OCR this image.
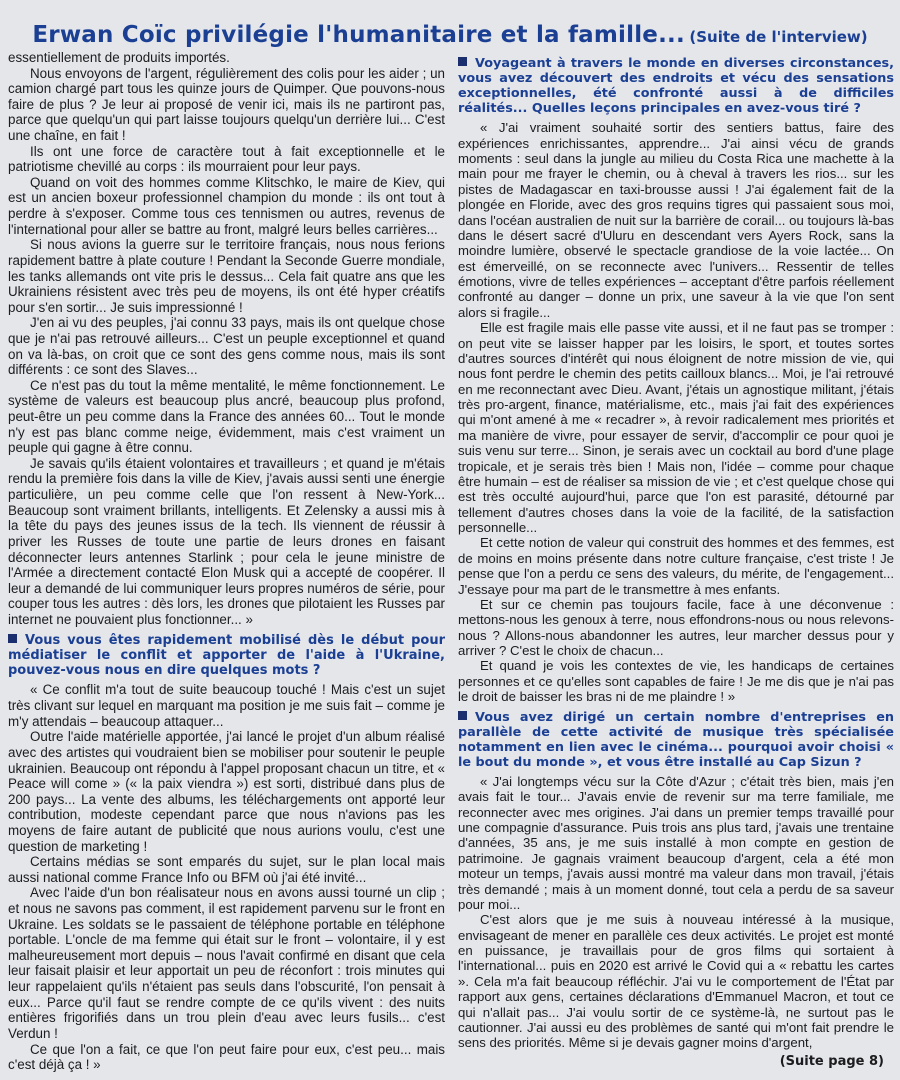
Erwan Coïc privilégie l'humanitaire et la famille... (Suite de l'interview)

essentiellement de produits importés.

Nous envoyons de l'argent, régulièrement des colis pour les aider ; un camion chargé part tous les quinze jours de Quimper. Que pouvons-nous faire de plus ? Je leur ai proposé de venir ici, mais ils ne partiront pas, parce que quelqu'un qui part laisse toujours quelqu'un derrière lui... C'est une chaîne, en fait !

Ils ont une force de caractère tout à fait exceptionnelle et le patriotisme chevillé au corps : ils mourraient pour leur pays.

Quand on voit des hommes comme Klitschko, le maire de Kiev, qui est un ancien boxeur professionnel champion du monde : ils ont tout à perdre à s'exposer. Comme tous ces tennismen ou autres, revenus de l'international pour aller se battre au front, malgré leurs belles carrières...

Si nous avions la guerre sur le territoire français, nous nous ferions rapidement battre à plate couture ! Pendant la Seconde Guerre mondiale, les tanks allemands ont vite pris le dessus... Cela fait quatre ans que les Ukrainiens résistent avec très peu de moyens, ils ont été hyper créatifs pour s'en sortir... Je suis impressionné !

J'en ai vu des peuples, j'ai connu 33 pays, mais ils ont quelque chose que je n'ai pas retrouvé ailleurs... C'est un peuple exceptionnel et quand on va là-bas, on croit que ce sont des gens comme nous, mais ils sont différents : ce sont des Slaves...

Ce n'est pas du tout la même mentalité, le même fonctionnement. Le système de valeurs est beaucoup plus ancré, beaucoup plus profond, peut-être un peu comme dans la France des années 60... Tout le monde n'y est pas blanc comme neige, évidemment, mais c'est vraiment un peuple qui gagne à être connu.

Je savais qu'ils étaient volontaires et travailleurs ; et quand je m'étais rendu la première fois dans la ville de Kiev, j'avais aussi senti une énergie particulière, un peu comme celle que l'on ressent à New-York... Beaucoup sont vraiment brillants, intelligents. Et Zelensky a aussi mis à la tête du pays des jeunes issus de la tech. Ils viennent de réussir à priver les Russes de toute une partie de leurs drones en faisant déconnecter leurs antennes Starlink ; pour cela le jeune ministre de l'Armée a directement contacté Elon Musk qui a accepté de coopérer. Il leur a demandé de lui communiquer leurs propres numéros de série, pour couper tous les autres : dès lors, les drones que pilotaient les Russes par internet ne pouvaient plus fonctionner... »

Vous vous êtes rapidement mobilisé dès le début pour médiatiser le conflit et apporter de l'aide à l'Ukraine, pouvez-vous nous en dire quelques mots ?

« Ce conflit m'a tout de suite beaucoup touché ! Mais c'est un sujet très clivant sur lequel en marquant ma position je me suis fait – comme je m'y attendais – beaucoup attaquer...

Outre l'aide matérielle apportée, j'ai lancé le projet d'un album réalisé avec des artistes qui voudraient bien se mobiliser pour soutenir le peuple ukrainien. Beaucoup ont répondu à l'appel proposant chacun un titre, et « Peace will come » (« la paix viendra ») est sorti, distribué dans plus de 200 pays... La vente des albums, les téléchargements ont apporté leur contribution, modeste cependant parce que nous n'avions pas les moyens de faire autant de publicité que nous aurions voulu, c'est une question de marketing !

Certains médias se sont emparés du sujet, sur le plan local mais aussi national comme France Info ou BFM où j'ai été invité...

Avec l'aide d'un bon réalisateur nous en avons aussi tourné un clip ; et nous ne savons pas comment, il est rapidement parvenu sur le front en Ukraine. Les soldats se le passaient de téléphone portable en téléphone portable. L'oncle de ma femme qui était sur le front – volontaire, il y est malheureusement mort depuis – nous l'avait confirmé en disant que cela leur faisait plaisir et leur apportait un peu de réconfort : trois minutes qui leur rappelaient qu'ils n'étaient pas seuls dans l'obscurité, l'on pensait à eux... Parce qu'il faut se rendre compte de ce qu'ils vivent : des nuits entières frigorifiés dans un trou plein d'eau avec leurs fusils... c'est Verdun !

Ce que l'on a fait, ce que l'on peut faire pour eux, c'est peu... mais c'est déjà ça ! »

Voyageant à travers le monde en diverses circonstances, vous avez découvert des endroits et vécu des sensations exceptionnelles, été confronté aussi à de difficiles réalités... Quelles leçons principales en avez-vous tiré ?

« J'ai vraiment souhaité sortir des sentiers battus, faire des expériences enrichissantes, apprendre... J'ai ainsi vécu de grands moments : seul dans la jungle au milieu du Costa Rica une machette à la main pour me frayer le chemin, ou à cheval à travers les rios... sur les pistes de Madagascar en taxi-brousse aussi ! J'ai également fait de la plongée en Floride, avec des gros requins tigres qui passaient sous moi, dans l'océan australien de nuit sur la barrière de corail... ou toujours là-bas dans le désert sacré d'Uluru en descendant vers Ayers Rock, sans la moindre lumière, observé le spectacle grandiose de la voie lactée... On est émerveillé, on se reconnecte avec l'univers... Ressentir de telles émotions, vivre de telles expériences – acceptant d'être parfois réellement confronté au danger – donne un prix, une saveur à la vie que l'on sent alors si fragile...

Elle est fragile mais elle passe vite aussi, et il ne faut pas se tromper : on peut vite se laisser happer par les loisirs, le sport, et toutes sortes d'autres sources d'intérêt qui nous éloignent de notre mission de vie, qui nous font perdre le chemin des petits cailloux blancs... Moi, je l'ai retrouvé en me reconnectant avec Dieu. Avant, j'étais un agnostique militant, j'étais très pro-argent, finance, matérialisme, etc., mais j'ai fait des expériences qui m'ont amené à me « recadrer », à revoir radicalement mes priorités et ma manière de vivre, pour essayer de servir, d'accomplir ce pour quoi je suis venu sur terre... Sinon, je serais avec un cocktail au bord d'une plage tropicale, et je serais très bien ! Mais non, l'idée – comme pour chaque être humain – est de réaliser sa mission de vie ; et c'est quelque chose qui est très occulté aujourd'hui, parce que l'on est parasité, détourné par tellement d'autres choses dans la voie de la facilité, de la satisfaction personnelle...

Et cette notion de valeur qui construit des hommes et des femmes, est de moins en moins présente dans notre culture française, c'est triste ! Je pense que l'on a perdu ce sens des valeurs, du mérite, de l'engagement... J'essaye pour ma part de le transmettre à mes enfants.

Et sur ce chemin pas toujours facile, face à une déconvenue : mettons-nous les genoux à terre, nous effondrons-nous ou nous relevons-nous ? Allons-nous abandonner les autres, leur marcher dessus pour y arriver ? C'est le choix de chacun...

Et quand je vois les contextes de vie, les handicaps de certaines personnes et ce qu'elles sont capables de faire ! Je me dis que je n'ai pas le droit de baisser les bras ni de me plaindre ! »

Vous avez dirigé un certain nombre d'entreprises en parallèle de cette activité de musique très spécialisée notamment en lien avec le cinéma... pourquoi avoir choisi « le bout du monde », et vous être installé au Cap Sizun ?

« J'ai longtemps vécu sur la Côte d'Azur ; c'était très bien, mais j'en avais fait le tour... J'avais envie de revenir sur ma terre familiale, me reconnecter avec mes origines. J'ai dans un premier temps travaillé pour une compagnie d'assurance. Puis trois ans plus tard, j'avais une trentaine d'années, 35 ans, je me suis installé à mon compte en gestion de patrimoine. Je gagnais vraiment beaucoup d'argent, cela a été mon moteur un temps, j'avais aussi montré ma valeur dans mon travail, j'étais très demandé ; mais à un moment donné, tout cela a perdu de sa saveur pour moi...

C'est alors que je me suis à nouveau intéressé à la musique, envisageant de mener en parallèle ces deux activités. Le projet est monté en puissance, je travaillais pour de gros films qui sortaient à l'international... puis en 2020 est arrivé le Covid qui a « rebattu les cartes ». Cela m'a fait beaucoup réfléchir. J'ai vu le comportement de l'État par rapport aux gens, certaines déclarations d'Emmanuel Macron, et tout ce qui n'allait pas... J'ai voulu sortir de ce système-là, ne surtout pas le cautionner. J'ai aussi eu des problèmes de santé qui m'ont fait prendre le sens des priorités. Même si je devais gagner moins d'argent,

(Suite page 8)
